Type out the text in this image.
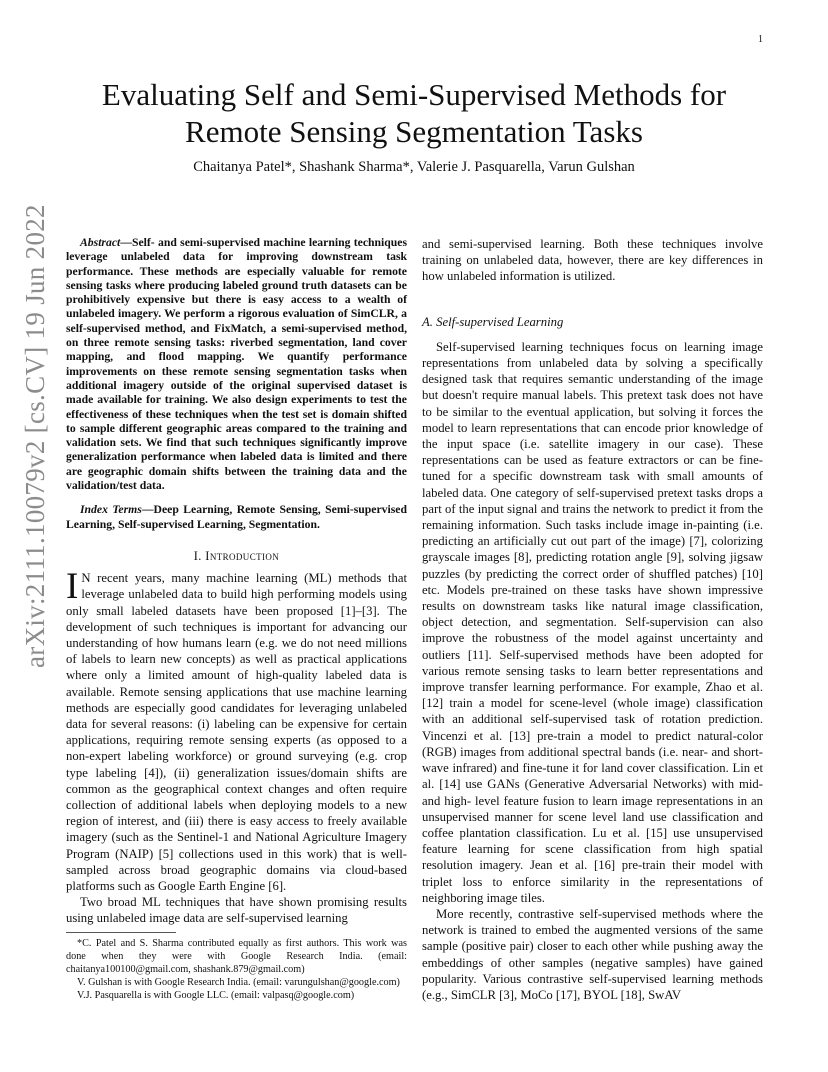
1
arXiv:2111.10079v2 [cs.CV] 19 Jun 2022
Evaluating Self and Semi-Supervised Methods for
Remote Sensing Segmentation Tasks
Chaitanya Patel*, Shashank Sharma*, Valerie J. Pasquarella, Varun Gulshan

Abstract—Self- and semi-supervised machine learning techniques leverage unlabeled data for improving downstream task performance. These methods are especially valuable for remote sensing tasks where producing labeled ground truth datasets can be prohibitively expensive but there is easy access to a wealth of unlabeled imagery. We perform a rigorous evaluation of SimCLR, a self-supervised method, and FixMatch, a semi-supervised method, on three remote sensing tasks: riverbed segmentation, land cover mapping, and flood mapping. We quantify performance improvements on these remote sensing segmentation tasks when additional imagery outside of the original supervised dataset is made available for training. We also design experiments to test the effectiveness of these techniques when the test set is domain shifted to sample different geographic areas compared to the training and validation sets. We find that such techniques significantly improve generalization performance when labeled data is limited and there are geographic domain shifts between the training data and the validation/test data.

Index Terms—Deep Learning, Remote Sensing, Semi-supervised Learning, Self-supervised Learning, Segmentation.

I. Introduction

I N recent years, many machine learning (ML) methods that leverage unlabeled data to build high performing models using only small labeled datasets have been proposed [1]–[3]. The development of such techniques is important for advancing our understanding of how humans learn (e.g. we do not need millions of labels to learn new concepts) as well as practical applications where only a limited amount of high-quality labeled data is available. Remote sensing applications that use machine learning methods are especially good candidates for leveraging unlabeled data for several reasons: (i) labeling can be expensive for certain applications, requiring remote sensing experts (as opposed to a non-expert labeling workforce) or ground surveying (e.g. crop type labeling [4]), (ii) generalization issues/domain shifts are common as the geographical context changes and often require collection of additional labels when deploying models to a new region of interest, and (iii) there is easy access to freely available imagery (such as the Sentinel-1 and National Agriculture Imagery Program (NAIP) [5] collections used in this work) that is well-sampled across broad geographic domains via cloud-based platforms such as Google Earth Engine [6].

Two broad ML techniques that have shown promising results using unlabeled image data are self-supervised learning

*C. Patel and S. Sharma contributed equally as first authors. This work was done when they were with Google Research India. (email: chaitanya100100@gmail.com, shashank.879@gmail.com)

V. Gulshan is with Google Research India. (email: varungulshan@google.com)

V.J. Pasquarella is with Google LLC. (email: valpasq@google.com)

and semi-supervised learning. Both these techniques involve training on unlabeled data, however, there are key differences in how unlabeled information is utilized.

A. Self-supervised Learning

Self-supervised learning techniques focus on learning image representations from unlabeled data by solving a specifically designed task that requires semantic understanding of the image but doesn't require manual labels. This pretext task does not have to be similar to the eventual application, but solving it forces the model to learn representations that can encode prior knowledge of the input space (i.e. satellite imagery in our case). These representations can be used as feature extractors or can be fine-tuned for a specific downstream task with small amounts of labeled data. One category of self-supervised pretext tasks drops a part of the input signal and trains the network to predict it from the remaining information. Such tasks include image in-painting (i.e. predicting an artificially cut out part of the image) [7], colorizing grayscale images [8], predicting rotation angle [9], solving jigsaw puzzles (by predicting the correct order of shuffled patches) [10] etc. Models pre-trained on these tasks have shown impressive results on downstream tasks like natural image classification, object detection, and segmentation. Self-supervision can also improve the robustness of the model against uncertainty and outliers [11]. Self-supervised methods have been adopted for various remote sensing tasks to learn better representations and improve transfer learning performance. For example, Zhao et al. [12] train a model for scene-level (whole image) classification with an additional self-supervised task of rotation prediction. Vincenzi et al. [13] pre-train a model to predict natural-color (RGB) images from additional spectral bands (i.e. near- and short-wave infrared) and fine-tune it for land cover classification. Lin et al. [14] use GANs (Generative Adversarial Networks) with mid- and high- level feature fusion to learn image representations in an unsupervised manner for scene level land use classification and coffee plantation classification. Lu et al. [15] use unsupervised feature learning for scene classification from high spatial resolution imagery. Jean et al. [16] pre-train their model with triplet loss to enforce similarity in the representations of neighboring image tiles.

More recently, contrastive self-supervised methods where the network is trained to embed the augmented versions of the same sample (positive pair) closer to each other while pushing away the embeddings of other samples (negative samples) have gained popularity. Various contrastive self-supervised learning methods (e.g., SimCLR [3], MoCo [17], BYOL [18], SwAV
